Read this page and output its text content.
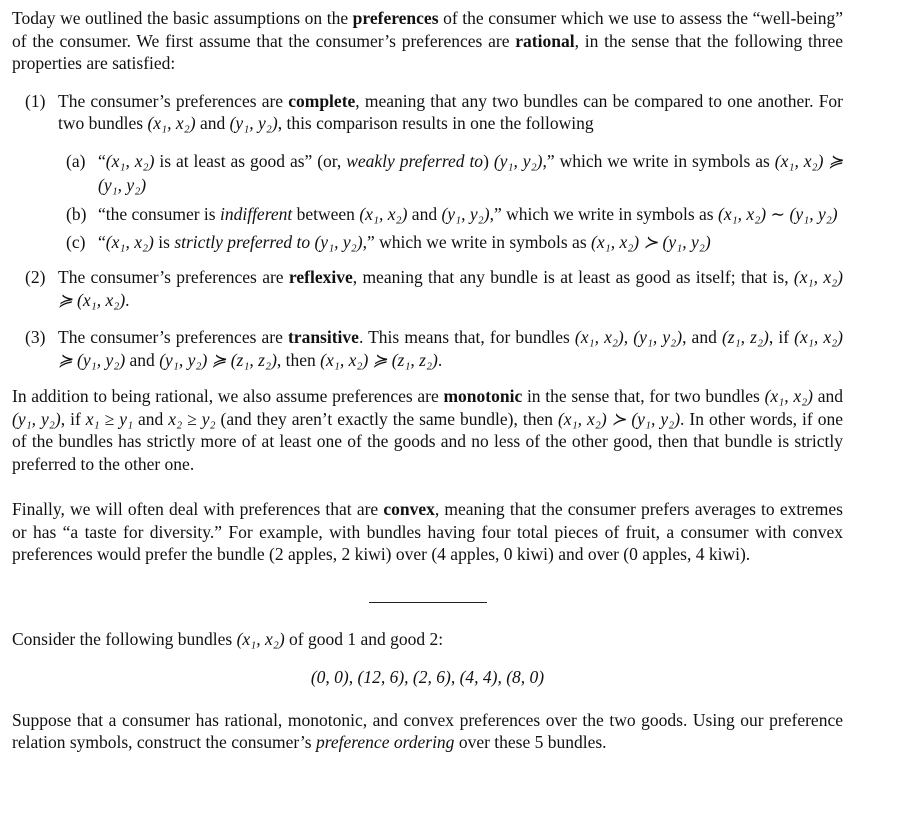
Today we outlined the basic assumptions on the preferences of the consumer which we use to assess the “well-being” of the consumer. We first assume that the consumer’s preferences are rational, in the sense that the following three properties are satisfied:

(1) The consumer’s preferences are complete, meaning that any two bundles can be compared to one another. For two bundles (x₁, x₂) and (y₁, y₂), this comparison results in one the following

(a) “(x₁, x₂) is at least as good as” (or, weakly preferred to) (y₁, y₂),” which we write in symbols as (x₁, x₂) ≽ (y₁, y₂)

(b) “the consumer is indifferent between (x₁, x₂) and (y₁, y₂),” which we write in symbols as (x₁, x₂) ∼ (y₁, y₂)

(c) “(x₁, x₂) is strictly preferred to (y₁, y₂),” which we write in symbols as (x₁, x₂) ≻ (y₁, y₂)

(2) The consumer’s preferences are reflexive, meaning that any bundle is at least as good as itself; that is, (x₁, x₂) ≽ (x₁, x₂).

(3) The consumer’s preferences are transitive. This means that, for bundles (x₁, x₂), (y₁, y₂), and (z₁, z₂), if (x₁, x₂) ≽ (y₁, y₂) and (y₁, y₂) ≽ (z₁, z₂), then (x₁, x₂) ≽ (z₁, z₂).

In addition to being rational, we also assume preferences are monotonic in the sense that, for two bundles (x₁, x₂) and (y₁, y₂), if x₁ ≥ y₁ and x₂ ≥ y₂ (and they aren’t exactly the same bundle), then (x₁, x₂) ≻ (y₁, y₂). In other words, if one of the bundles has strictly more of at least one of the goods and no less of the other good, then that bundle is strictly preferred to the other one.

Finally, we will often deal with preferences that are convex, meaning that the consumer prefers averages to extremes or has “a taste for diversity.” For example, with bundles having four total pieces of fruit, a consumer with convex preferences would prefer the bundle (2 apples, 2 kiwi) over (4 apples, 0 kiwi) and over (0 apples, 4 kiwi).

Consider the following bundles (x₁, x₂) of good 1 and good 2:

(0, 0), (12, 6), (2, 6), (4, 4), (8, 0)

Suppose that a consumer has rational, monotonic, and convex preferences over the two goods. Using our preference relation symbols, construct the consumer’s preference ordering over these 5 bundles.
